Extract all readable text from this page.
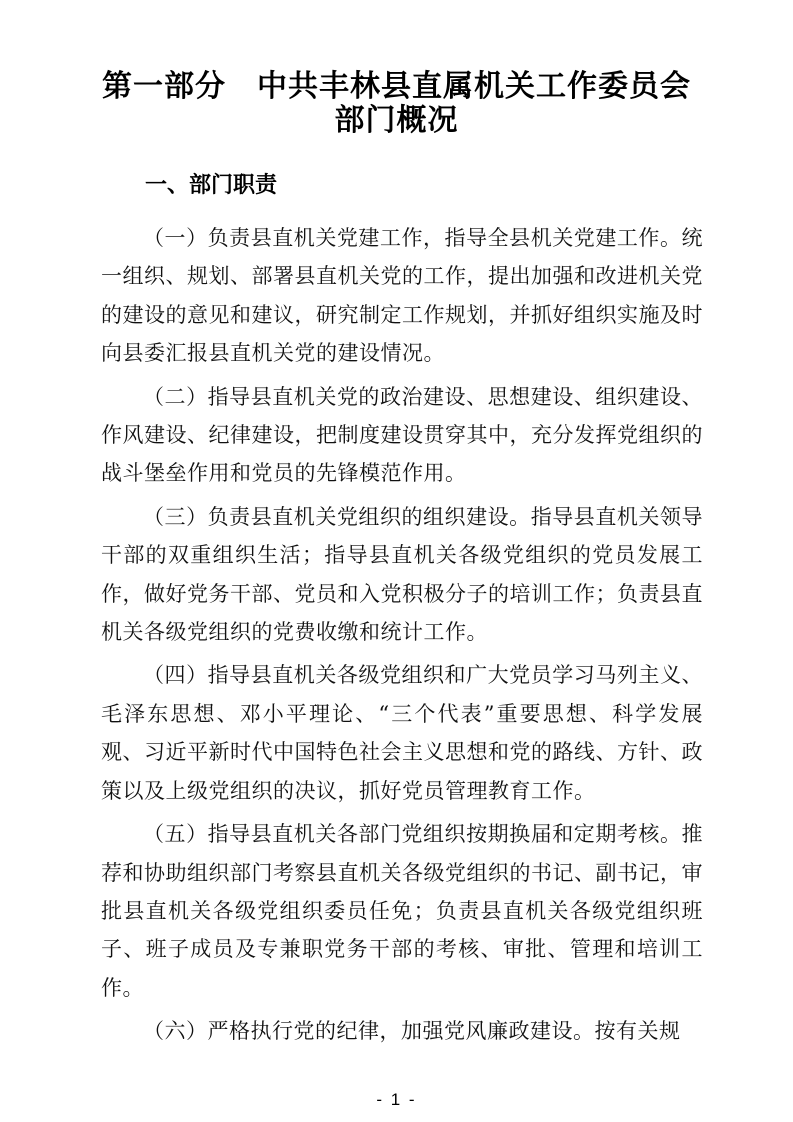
第一部分　中共丰林县直属机关工作委员会
部门概况
一、部门职责

（一）负责县直机关党建工作，指导全县机关党建工作。统一组织、规划、部署县直机关党的工作，提出加强和改进机关党的建设的意见和建议，研究制定工作规划，并抓好组织实施及时向县委汇报县直机关党的建设情况。

（二）指导县直机关党的政治建设、思想建设、组织建设、作风建设、纪律建设，把制度建设贯穿其中，充分发挥党组织的战斗堡垒作用和党员的先锋模范作用。

（三）负责县直机关党组织的组织建设。指导县直机关领导干部的双重组织生活；指导县直机关各级党组织的党员发展工作，做好党务干部、党员和入党积极分子的培训工作；负责县直机关各级党组织的党费收缴和统计工作。

（四）指导县直机关各级党组织和广大党员学习马列主义、毛泽东思想、邓小平理论、“三个代表”重要思想、科学发展观、习近平新时代中国特色社会主义思想和党的路线、方针、政策以及上级党组织的决议，抓好党员管理教育工作。

（五）指导县直机关各部门党组织按期换届和定期考核。推荐和协助组织部门考察县直机关各级党组织的书记、副书记，审批县直机关各级党组织委员任免；负责县直机关各级党组织班子、班子成员及专兼职党务干部的考核、审批、管理和培训工作。

（六）严格执行党的纪律，加强党风廉政建设。按有关规

- 1 -
